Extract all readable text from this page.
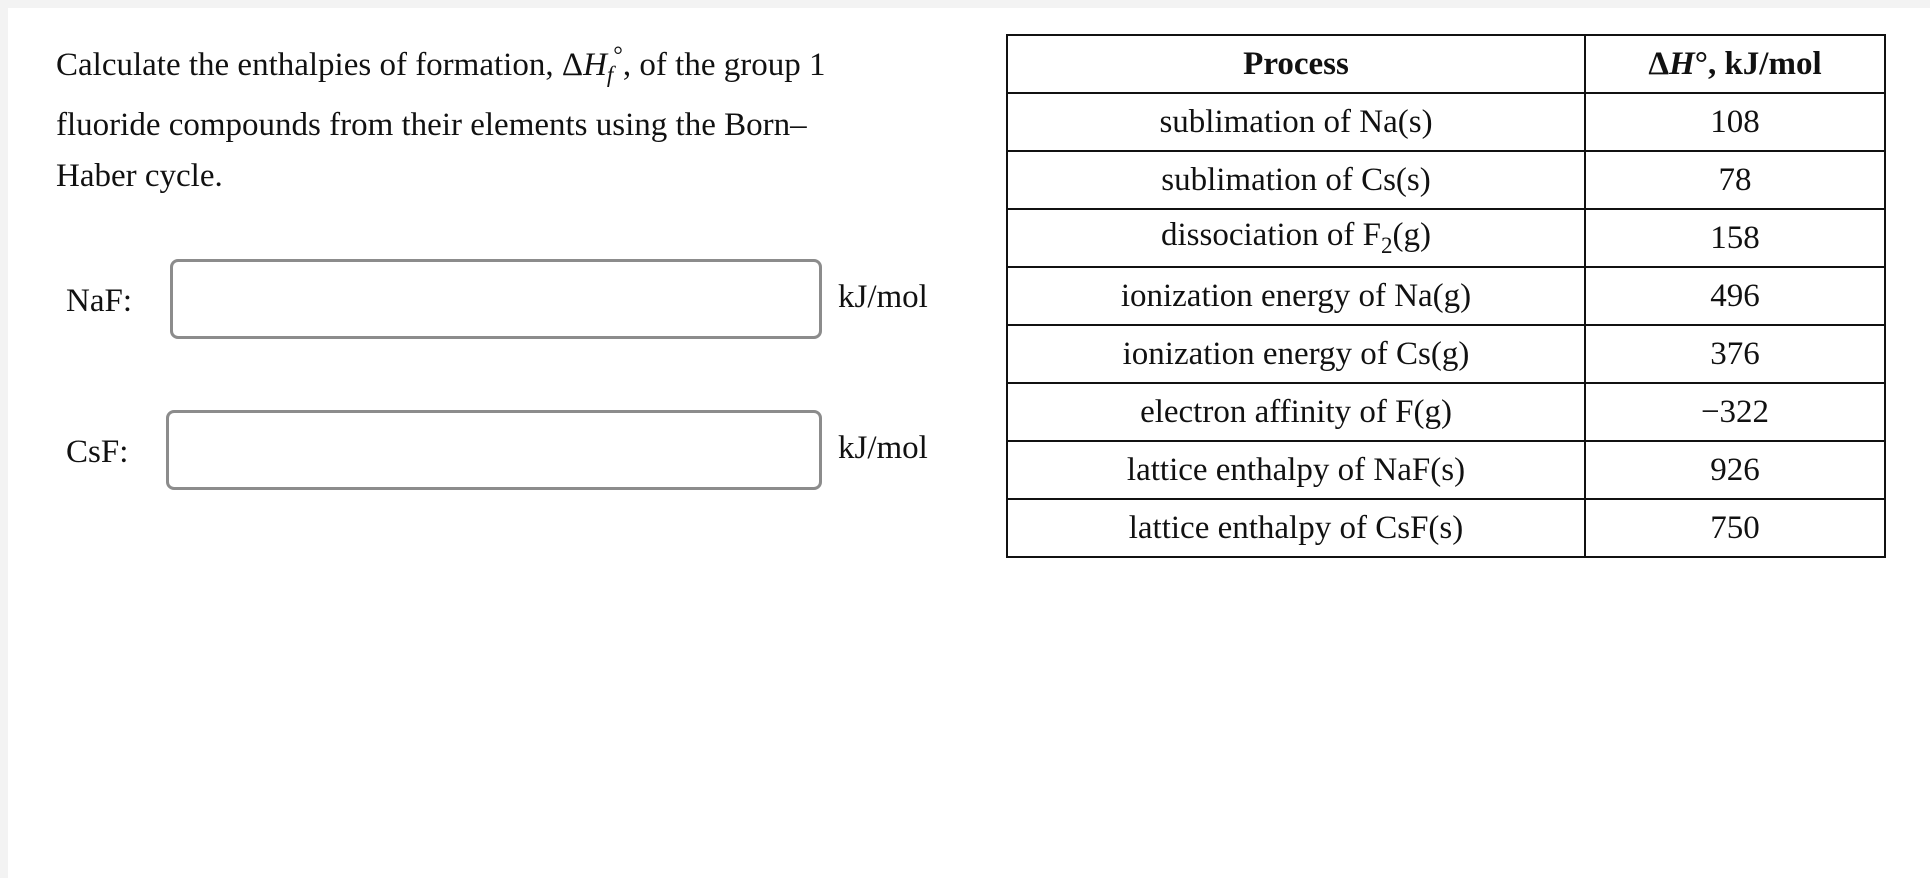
Calculate the enthalpies of formation, $\Delta H_f^\circ$, of the group 1
fluoride compounds from their elements using the Born–
Haber cycle.
NaF:	kJ/mol
CsF:	kJ/mol
Process	ΔH°, kJ/mol
sublimation of Na(s)	108
sublimation of Cs(s)	78
dissociation of $F_2(g)$	158
ionization energy of Na(g)	496
ionization energy of Cs(g)	376
electron affinity of F(g)	−322
lattice enthalpy of NaF(s)	926
lattice enthalpy of CsF(s)	750
